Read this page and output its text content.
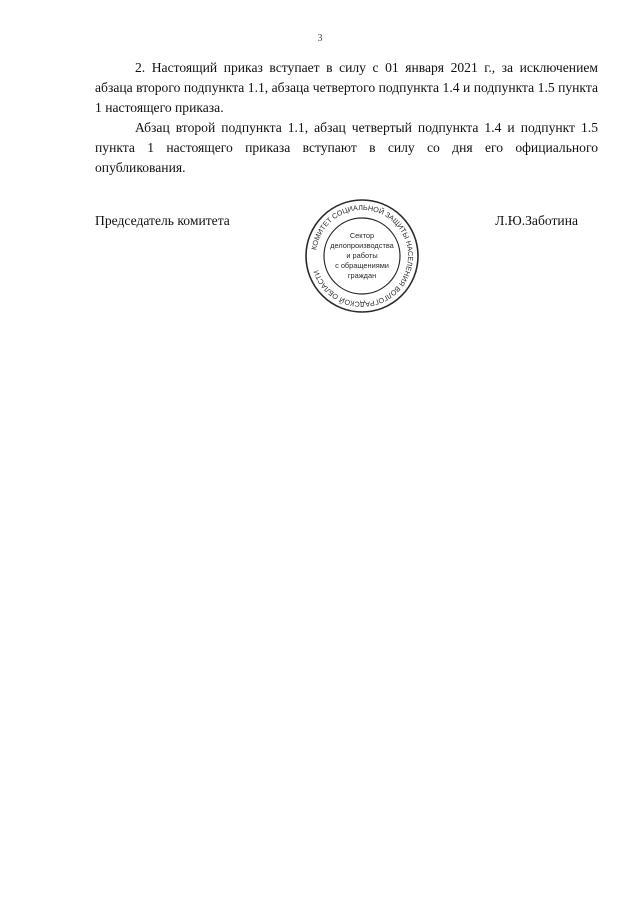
3

2. Настоящий приказ вступает в силу с 01 января 2021 г., за исключением абзаца второго подпункта 1.1, абзаца четвертого подпункта 1.4 и подпункта 1.5 пункта 1 настоящего приказа.

Абзац второй подпункта 1.1, абзац четвертый подпункта 1.4 и подпункт 1.5 пункта 1 настоящего приказа вступают в силу со дня его официального опубликования.

Председатель комитета
КОМИТЕТ СОЦИАЛЬНОЙ ЗАЩИТЫ НАСЕЛЕНИЯ ВОЛГОГРАДСКОЙ ОБЛАСТИ
Сектор
делопроизводства
и работы
с обращениями
граждан
Л.Ю.Заботина
